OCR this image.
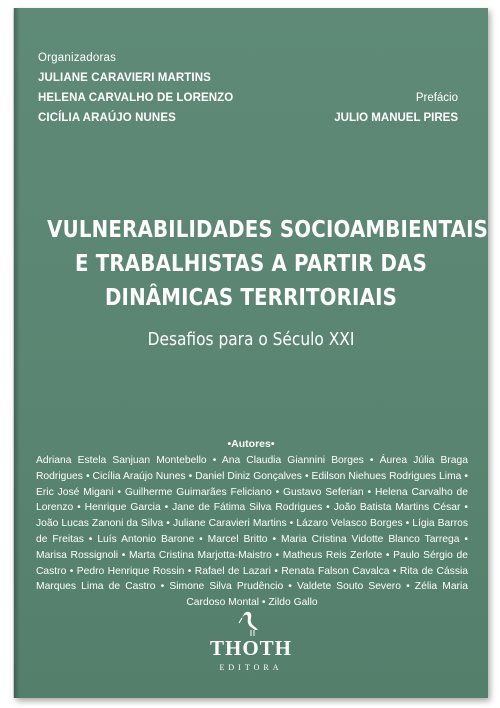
Organizadoras
JULIANE CARAVIERI MARTINS
HELENA CARVALHO DE LORENZO
CICÍLIA ARAÚJO NUNES
Prefácio
JULIO MANUEL PIRES
VULNERABILIDADES SOCIOAMBIENTAIS
E TRABALHISTAS A PARTIR DAS
DINÂMICAS TERRITORIAIS
Desafios para o Século XXI
•Autores•
Adriana Estela Sanjuan Montebello • Ana Claudia Giannini Borges • Áurea Júlia Braga Rodrigues • Cicília Araújo Nunes • Daniel Diniz Gonçalves • Edilson Niehues Rodrigues Lima • Eric José Migani • Guilherme Guimarães Feliciano • Gustavo Seferian • Helena Carvalho de Lorenzo • Henrique Garcia • Jane de Fátima Silva Rodrigues • João Batista Martins César • João Lucas Zanoni da Silva • Juliane Caravieri Martins • Lázaro Velasco Borges • Lígia Barros de Freitas • Luís Antonio Barone • Marcel Britto • Maria Cristina Vidotte Blanco Tarrega • Marisa Rossignoli • Marta Cristina Marjotta-Maistro • Matheus Reis Zerlote • Paulo Sérgio de Castro • Pedro Henrique Rossin • Rafael de Lazari • Renata Falson Cavalca • Rita de Cássia Marques Lima de Castro • Simone Silva Prudêncio • Valdete Souto Severo • Zélia Maria Cardoso Montal • Zildo Gallo
THOTH
EDITORA
